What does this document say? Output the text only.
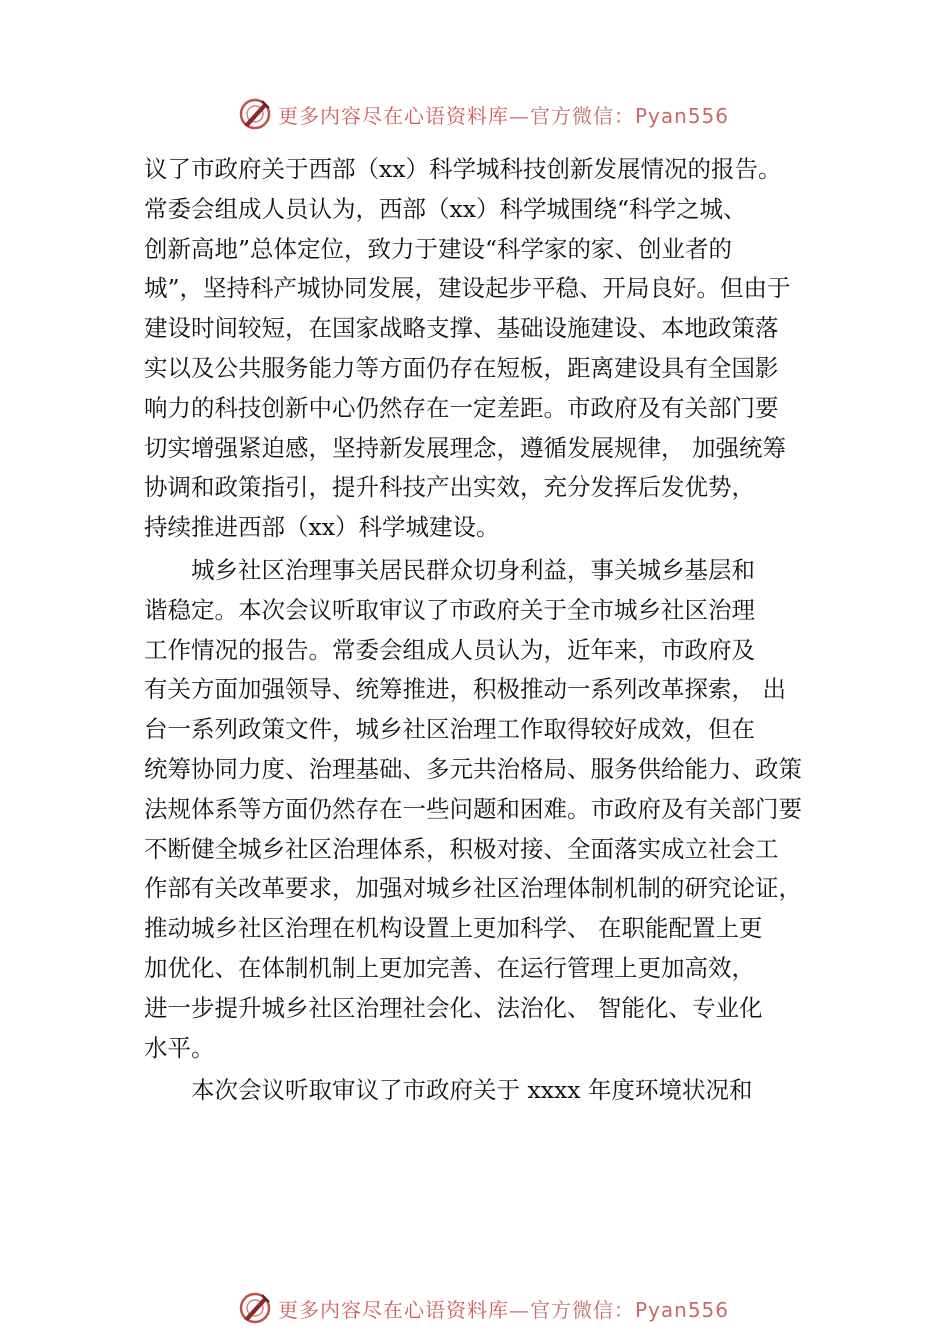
更多内容尽在心语资料库—官方微信：Pyan556
议了市政府关于西部（xx）科学城科技创新发展情况的报告。
常委会组成人员认为，西部（xx）科学城围绕“科学之城、
创新高地”总体定位，致力于建设“科学家的家、创业者的
城”，坚持科产城协同发展，建设起步平稳、开局良好。但由于
建设时间较短，在国家战略支撑、基础设施建设、本地政策落
实以及公共服务能力等方面仍存在短板，距离建设具有全国影
响力的科技创新中心仍然存在一定差距。市政府及有关部门要
切实增强紧迫感，坚持新发展理念，遵循发展规律， 加强统筹
协调和政策指引，提升科技产出实效，充分发挥后发优势，
持续推进西部（xx）科学城建设。
　　城乡社区治理事关居民群众切身利益，事关城乡基层和
谐稳定。本次会议听取审议了市政府关于全市城乡社区治理
工作情况的报告。常委会组成人员认为，近年来，市政府及
有关方面加强领导、统筹推进，积极推动一系列改革探索， 出
台一系列政策文件，城乡社区治理工作取得较好成效，但在
统筹协同力度、治理基础、多元共治格局、服务供给能力、政策
法规体系等方面仍然存在一些问题和困难。市政府及有关部门要
不断健全城乡社区治理体系，积极对接、全面落实成立社会工
作部有关改革要求，加强对城乡社区治理体制机制的研究论证，
推动城乡社区治理在机构设置上更加科学、 在职能配置上更
加优化、在体制机制上更加完善、在运行管理上更加高效，
进一步提升城乡社区治理社会化、法治化、 智能化、专业化
水平。
　　本次会议听取审议了市政府关于 xxxx 年度环境状况和
更多内容尽在心语资料库—官方微信：Pyan556
